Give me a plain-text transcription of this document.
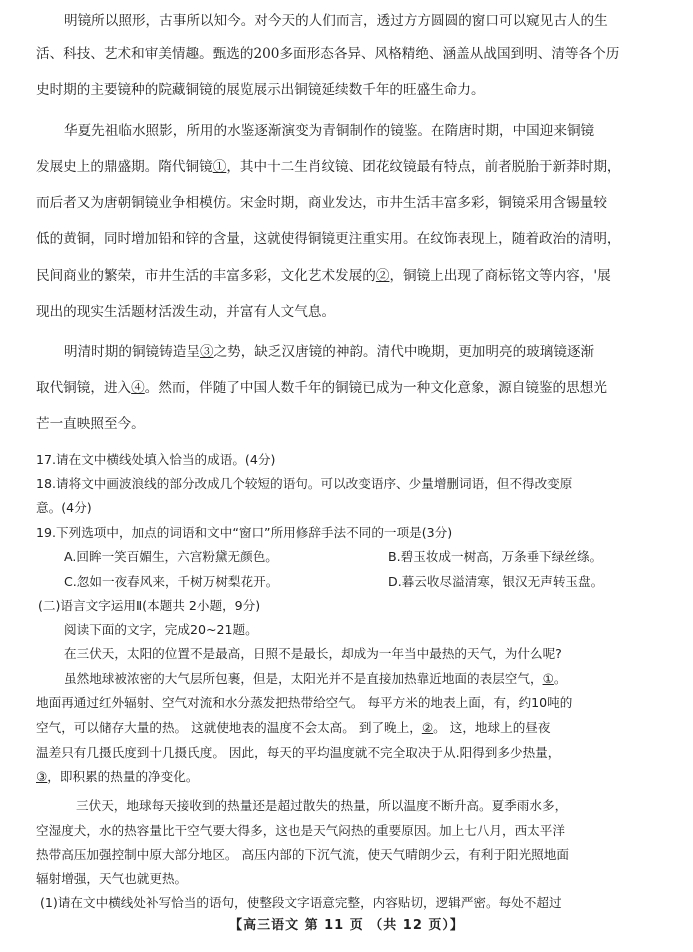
明镜所以照形，古事所以知今。对今天的人们而言，透过方方圆圆的窗口可以窥见古人的生
活、科技、艺术和审美情趣。甄选的200多面形态各异、风格精绝、涵盖从战国到明、清等各个历
史时期的主要镜种的院藏铜镜的展览展示出铜镜延续数千年的旺盛生命力。
华夏先祖临水照影，所用的水鉴逐渐演变为青铜制作的镜鉴。在隋唐时期，中国迎来铜镜
发展史上的鼎盛期。隋代铜镜①，其中十二生肖纹镜、团花纹镜最有特点，前者脱胎于新莽时期，
而后者又为唐朝铜镜业争相模仿。宋金时期，商业发达，市井生活丰富多彩，铜镜采用含锡量较
低的黄铜，同时增加铅和锌的含量，这就使得铜镜更注重实用。在纹饰表现上，随着政治的清明，
民间商业的繁荣，市井生活的丰富多彩，文化艺术发展的②，铜镜上出现了商标铭文等内容，'展
现出的现实生活题材活泼生动，并富有人文气息。
明清时期的铜镜铸造呈③之势，缺乏汉唐镜的神韵。清代中晚期，更加明亮的玻璃镜逐渐
取代铜镜，进入④。然而，伴随了中国人数千年的铜镜已成为一种文化意象，源自镜鉴的思想光
芒一直映照至今。
17.请在文中横线处填入恰当的成语。(4分)
18.请将文中画波浪线的部分改成几个较短的语句。可以改变语序、少量增删词语，但不得改变原
意。(4分)
19.下列选项中，加点的词语和文中“窗口”所用修辞手法不同的一项是(3分)
A.回眸一笑百媚生，六宫粉黛无颜色。	B.碧玉妆成一树高，万条垂下绿丝绦。
C.忽如一夜春风来，千树万树梨花开。	D.暮云收尽溢清寒，银汉无声转玉盘。
(二)语言文字运用Ⅱ(本题共 2小题，9分)
阅读下面的文字，完成20~21题。
在三伏天，太阳的位置不是最高，日照不是最长，却成为一年当中最热的天气，为什么呢?
虽然地球被浓密的大气层所包裹，但是，太阳光并不是直接加热靠近地面的表层空气，①。
地面再通过红外辐射、空气对流和水分蒸发把热带给空气。 每平方米的地表上面，有，约10吨的
空气，可以储存大量的热。 这就使地表的温度不会太高。 到了晚上，②。 这，地球上的昼夜
温差只有几摄氏度到十几摄氏度。 因此，每天的平均温度就不完全取决于从.阳得到多少热量，
③，即积累的热量的净变化。
三伏天，地球每天接收到的热量还是超过散失的热量，所以温度不断升高。夏季雨水多，
空湿度犬，水的热容量比干空气要大得多，这也是天气闷热的重要原因。加上七八月，西太平洋
热带高压加强控制中原大部分地区。 高压内部的下沉气流，使天气晴朗少云，有利于阳光照地面
辐射增强，天气也就更热。
(1)请在文中横线处补写恰当的语句，使整段文字语意完整，内容贴切，逻辑严密。每处不超过
【高三语文 第 11 页 （共 12 页）】
